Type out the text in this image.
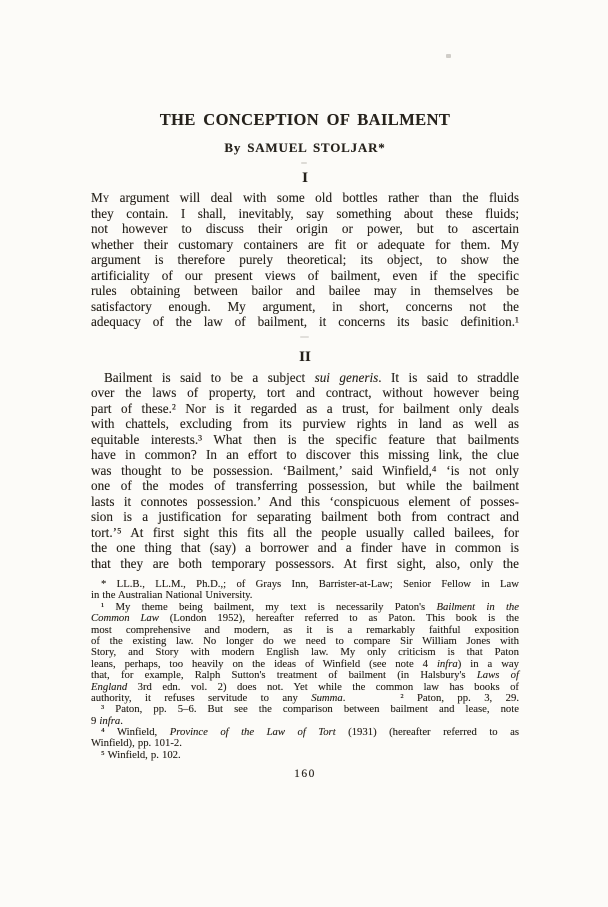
THE CONCEPTION OF BAILMENT
By SAMUEL STOLJAR*
I
My argument will deal with some old bottles rather than the fluids
they contain. I shall, inevitably, say something about these fluids;
not however to discuss their origin or power, but to ascertain
whether their customary containers are fit or adequate for them. My
argument is therefore purely theoretical; its object, to show the
artificiality of our present views of bailment, even if the specific
rules obtaining between bailor and bailee may in themselves be
satisfactory enough. My argument, in short, concerns not the
adequacy of the law of bailment, it concerns its basic definition.¹
II
Bailment is said to be a subject sui generis. It is said to straddle
over the laws of property, tort and contract, without however being
part of these.² Nor is it regarded as a trust, for bailment only deals
with chattels, excluding from its purview rights in land as well as
equitable interests.³ What then is the specific feature that bailments
have in common? In an effort to discover this missing link, the clue
was thought to be possession. ‘Bailment,’ said Winfield,⁴ ‘is not only
one of the modes of transferring possession, but while the bailment
lasts it connotes possession.’ And this ‘conspicuous element of posses-
sion is a justification for separating bailment both from contract and
tort.’⁵ At first sight this fits all the people usually called bailees, for
the one thing that (say) a borrower and a finder have in common is
that they are both temporary possessors. At first sight, also, only the
* LL.B., LL.M., Ph.D.,; of Grays Inn, Barrister-at-Law; Senior Fellow in Law
in the Australian National University.
¹ My theme being bailment, my text is necessarily Paton's Bailment in the
Common Law (London 1952), hereafter referred to as Paton. This book is the
most comprehensive and modern, as it is a remarkably faithful exposition
of the existing law. No longer do we need to compare Sir William Jones with
Story, and Story with modern English law. My only criticism is that Paton
leans, perhaps, too heavily on the ideas of Winfield (see note 4 infra) in a way
that, for example, Ralph Sutton's treatment of bailment (in Halsbury's Laws of
England 3rd edn. vol. 2) does not. Yet while the common law has books of
authority, it refuses servitude to any Summa.	² Paton, pp. 3, 29.
³ Paton, pp. 5–6. But see the comparison between bailment and lease, note
9 infra.
⁴ Winfield, Province of the Law of Tort (1931) (hereafter referred to as
Winfield), pp. 101-2.
⁵ Winfield, p. 102.
160
